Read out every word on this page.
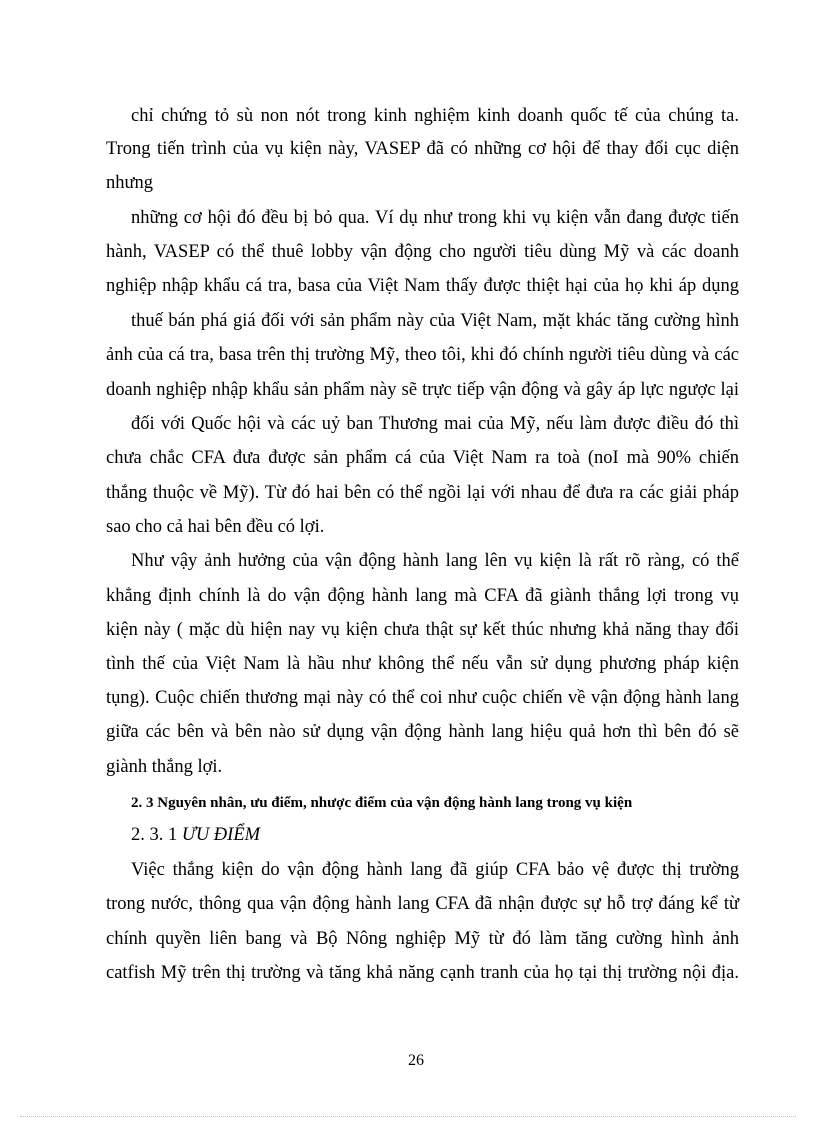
chỉ chứng tỏ sù non nót trong kinh nghiệm kinh doanh quốc tế của chúng ta.
Trong tiến trình của vụ kiện này, VASEP đã có những cơ hội để thay đổi cục diện
nhưng
những cơ hội đó đều bị bỏ qua. Ví dụ như trong khi vụ kiện vẫn đang được tiến
hành, VASEP có thể thuê lobby vận động cho người tiêu dùng Mỹ và các doanh
nghiệp nhập khẩu cá tra, basa của Việt Nam thấy được thiệt hại của họ khi áp dụng
thuế bán phá giá đối với sản phẩm này của Việt Nam, mặt khác tăng cường hình
ảnh của cá tra, basa trên thị trường Mỹ, theo tôi, khi đó chính người tiêu dùng và các
doanh nghiệp nhập khẩu sản phẩm này sẽ trực tiếp vận động và gây áp lực ngược lại
đối với Quốc hội và các uỷ ban Thương mai của Mỹ, nếu làm được điều đó thì
chưa chắc CFA đưa được sản phẩm cá của Việt Nam ra toà (noI mà 90% chiến
thắng thuộc về Mỹ). Từ đó hai bên có thể ngồi lại với nhau để đưa ra các giải pháp
sao cho cả hai bên đều có lợi.
Như vậy ảnh hưởng của vận động hành lang lên vụ kiện là rất rõ ràng, có thể
khẳng định chính là do vận động hành lang mà CFA đã giành thắng lợi trong vụ
kiện này ( mặc dù hiện nay vụ kiện chưa thật sự kết thúc nhưng khả năng thay đổi
tình thế của Việt Nam là hầu như không thể nếu vẫn sử dụng phương pháp kiện
tụng). Cuộc chiến thương mại này có thể coi như cuộc chiến về vận động hành lang
giữa các bên và bên nào sử dụng vận động hành lang hiệu quả hơn thì bên đó sẽ
giành thắng lợi.
2. 3 Nguyên nhân, ưu điểm, nhược điểm của vận động hành lang trong vụ kiện
2. 3. 1 ƯU ĐIỂM
Việc thắng kiện do vận động hành lang đã giúp CFA bảo vệ được thị trường
trong nước, thông qua vận động hành lang CFA đã nhận được sự hỗ trợ đáng kể từ
chính quyền liên bang và Bộ Nông nghiệp Mỹ từ đó làm tăng cường hình ảnh
catfish Mỹ trên thị trường và tăng khả năng cạnh tranh của họ tại thị trường nội địa.
26
